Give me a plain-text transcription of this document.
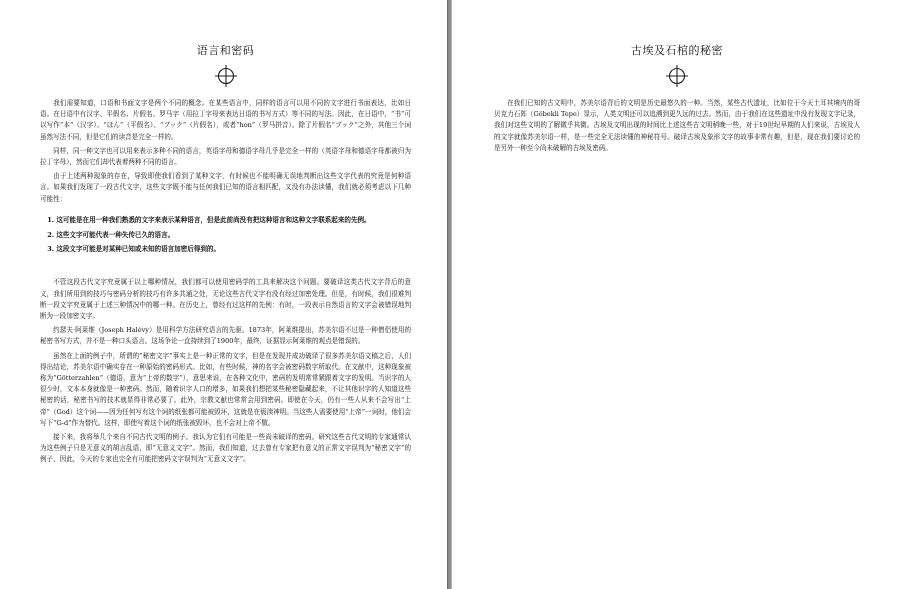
语言和密码

我们需要知道，口语和书面文字是两个不同的概念。在某些语言中，同样的语言可以用不同的文字进行书面表达，比如日语。在日语中有汉字、平假名、片假名、罗马字（用拉丁字母来表达日语的书写方式）等不同的写法。因此，在日语中，“书”可以写作“本”（汉字）、“ほん”（平假名）、“ブック”（片假名），或者“hon”（罗马拼音）。除了片假名“ブック”之外，其他三个词虽然写法不同，但是它们的读音是完全一样的。

同样，同一种文字也可以用来表示多种不同的语言，英语字母和德语字母几乎是完全一样的（英语字母和德语字母都被归为拉丁字母），然而它们却代表着两种不同的语言。

由于上述两种现象的存在，导致即使我们看到了某种文字，有时候也不能明确无误地判断出这些文字代表的究竟是何种语言。如果我们发现了一段古代文字，这些文字既不能与任何我们已知的语言相匹配，又没有办法读懂，我们就必须考虑以下几种可能性：

1. 这可能是在用一种我们熟悉的文字来表示某种语言，但是此前尚没有把这种语言和这种文字联系起来的先例。
2. 这些文字可能代表一种失传已久的语言。
3. 这段文字可能是对某种已知或未知的语言加密后得到的。

不管这段古代文字究竟属于以上哪种情况，我们都可以使用密码学的工具来解决这个问题。要破译这类古代文字背后的意义，我们所用到的技巧与密码分析的技巧有许多共通之处，无论这些古代文字有没有经过加密处理。但是，有时候，我们很难判断一段文字究竟属于上述三种情况中的哪一种。在历史上，曾经有过这样的先例：有时，一段表示自然语言的文字会被错误地判断为一段加密文字。

约瑟夫·阿莱维（Joseph Halévy）是用科学方法研究语言的先驱。1873年，阿莱维提出，苏美尔语不过是一种僧侣使用的秘密书写方式，并不是一种口头语言。这场争论一直持续到了1900年，最终，证据显示阿莱维的观点是错误的。

虽然在上面的例子中，所谓的“秘密文字”事实上是一种正常的文字，但是在发现并成功破译了很多苏美尔语文稿之后，人们得出结论，苏美尔语中确实存在一种原始的密码形式。比如，有些时候，神的名字会被密码数字所取代。在文献中，这种现象被称为“Götterzahlen”（德语，意为“上帝的数字”），意思来说，在各种文化中，密码的发明常常紧跟着文字的发明。当识字的人很少时，文本本身就像是一种密码。然而，随着识字人口的增多，如果我们想把某些秘密隐藏起来，不让其他识字的人知道这些秘密的话，秘密书写的技术就显得非常必要了。此外，宗教文献也常常会用到密码。即使在今天，仍有一些人从来不会写出“上帝”（God）这个词——因为任何写有这个词的纸张都可能被毁坏，这就是在亵渎神明。当这些人需要使用“上帝”一词时，他们会写下“G-d”作为替代。这样，即使写着这个词的纸张被毁坏，也不会对上帝不敬。

接下来，我将举几个来自不同古代文明的例子。我认为它们有可能是一些尚未破译的密码。研究这些古代文明的专家通常认为这些例子只是无意义的胡言乱语，即“无意义文字”。然而，我们知道，过去曾有专家把有意义的正常文字误判为“秘密文字”的例子，因此，今天的专家也完全有可能把密码文字误判为“无意义文字”。

古埃及石棺的秘密

在我们已知的古文明中，苏美尔语背后的文明是历史最悠久的一种。当然，某些古代遗址，比如位于今天土耳其境内的哥贝克力石阵（Göbekli Tepe）显示，人类文明还可以追溯到更久远的过去。然而，由于我们在这些遗址中没有发现文字记录，我们对这些文明的了解微乎其微。古埃及文明出现的时间比上述这些古文明稍晚一些，对于19世纪早期的人们来说，古埃及人的文字就像苏美尔语一样，是一些完全无法读懂的神秘符号。破译古埃及象形文字的故事非常有趣，但是，现在我们要讨论的是另外一种至今尚未破解的古埃及密码。
